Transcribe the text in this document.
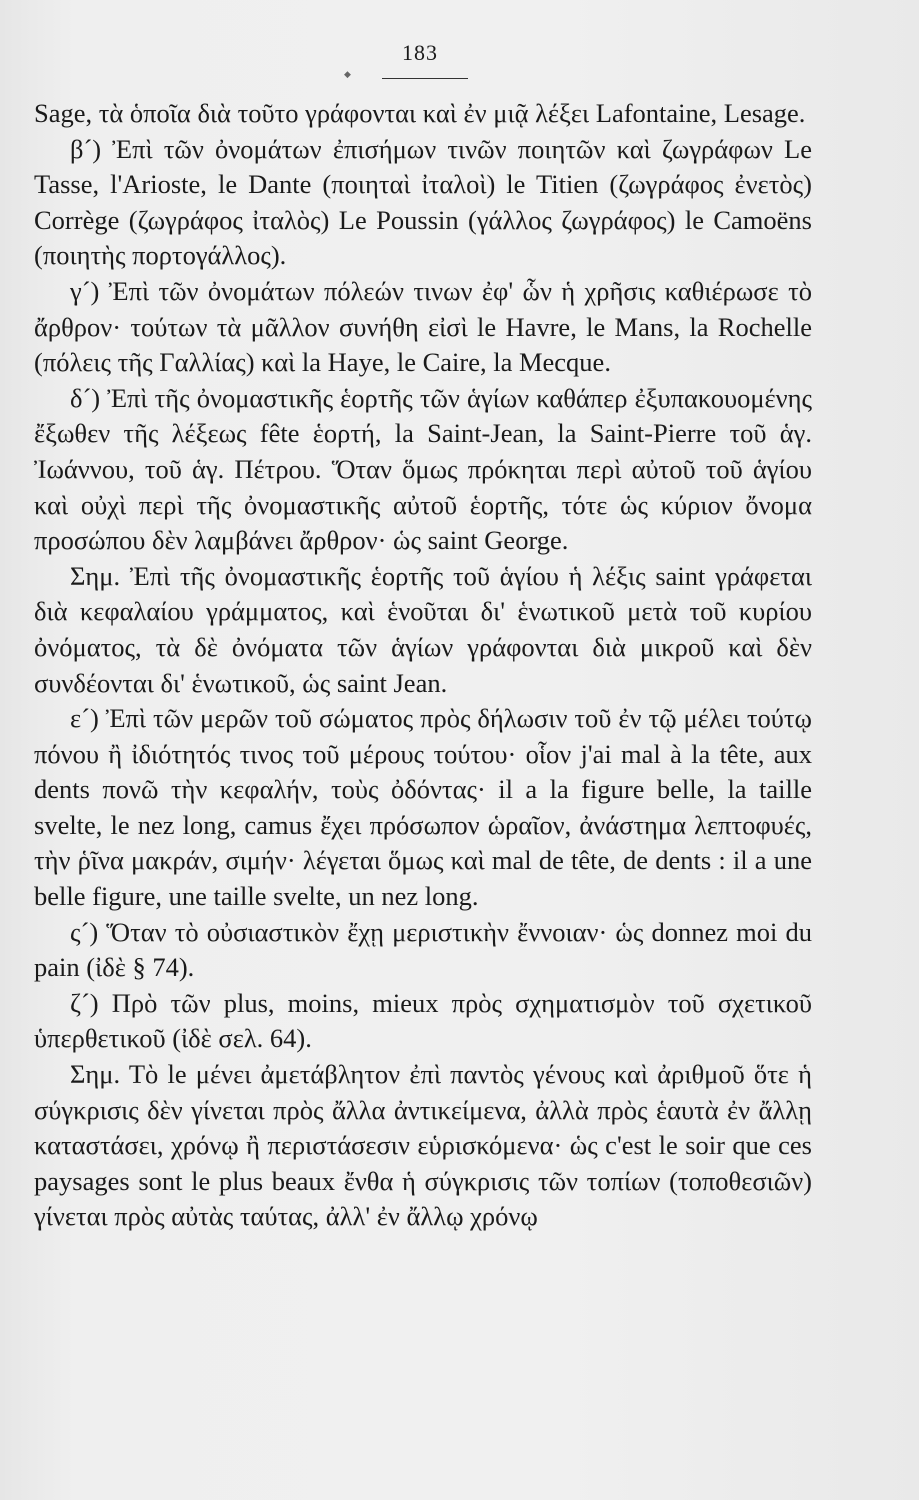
◆
183

Sage, τὰ ὁποῖα διὰ τοῦτο γράφονται καὶ ἐν μιᾷ λέξει Lafontaine, Lesage.

β´) Ἐπὶ τῶν ὀνομάτων ἐπισήμων τινῶν ποιητῶν καὶ ζωγράφων Le Tasse, l'Arioste, le Dante (ποιηταὶ ἰταλοὶ) le Titien (ζωγράφος ἐνετὸς) Corrège (ζωγράφος ἰταλὸς) Le Poussin (γάλλος ζωγράφος) le Camoëns (ποιητὴς πορτογάλλος).

γ´) Ἐπὶ τῶν ὀνομάτων πόλεών τινων ἐφ' ὧν ἡ χρῆσις καθιέρωσε τὸ ἄρθρον· τούτων τὰ μᾶλλον συνήθη εἰσὶ le Havre, le Mans, la Rochelle (πόλεις τῆς Γαλλίας) καὶ la Haye, le Caire, la Mecque.

δ´) Ἐπὶ τῆς ὀνομαστικῆς ἑορτῆς τῶν ἁγίων καθάπερ ἐξυπακουομένης ἔξωθεν τῆς λέξεως fête ἑορτή, la Saint-Jean, la Saint-Pierre τοῦ ἁγ. Ἰωάννου, τοῦ ἁγ. Πέτρου. Ὅταν ὅμως πρόκηται περὶ αὐτοῦ τοῦ ἁγίου καὶ οὐχὶ περὶ τῆς ὀνομαστικῆς αὐτοῦ ἑορτῆς, τότε ὡς κύριον ὄνομα προσώπου δὲν λαμβάνει ἄρθρον· ὡς saint George.

Σημ. Ἐπὶ τῆς ὀνομαστικῆς ἑορτῆς τοῦ ἁγίου ἡ λέξις saint γράφεται διὰ κεφαλαίου γράμματος, καὶ ἑνοῦται δι' ἑνωτικοῦ μετὰ τοῦ κυρίου ὀνόματος, τὰ δὲ ὀνόματα τῶν ἁγίων γράφονται διὰ μικροῦ καὶ δὲν συνδέονται δι' ἑνωτικοῦ, ὡς saint Jean.

ε´) Ἐπὶ τῶν μερῶν τοῦ σώματος πρὸς δήλωσιν τοῦ ἐν τῷ μέλει τούτῳ πόνου ἢ ἰδιότητός τινος τοῦ μέρους τούτου· οἷον j'ai mal à la tête, aux dents πονῶ τὴν κεφαλήν, τοὺς ὀδόντας· il a la figure belle, la taille svelte, le nez long, camus ἔχει πρόσωπον ὡραῖον, ἀνάστημα λεπτοφυές, τὴν ῥῖνα μακράν, σιμήν· λέγεται ὅμως καὶ mal de tête, de dents : il a une belle figure, une taille svelte, un nez long.

ς´) Ὅταν τὸ οὐσιαστικὸν ἔχῃ μεριστικὴν ἔννοιαν· ὡς donnez moi du pain (ἰδὲ § 74).

ζ´) Πρὸ τῶν plus, moins, mieux πρὸς σχηματισμὸν τοῦ σχετικοῦ ὑπερθετικοῦ (ἰδὲ σελ. 64).

Σημ. Τὸ le μένει ἀμετάβλητον ἐπὶ παντὸς γένους καὶ ἀριθμοῦ ὅτε ἡ σύγκρισις δὲν γίνεται πρὸς ἄλλα ἀντικείμενα, ἀλλὰ πρὸς ἑαυτὰ ἐν ἄλλῃ καταστάσει, χρόνῳ ἢ περιστάσεσιν εὑρισκόμενα· ὡς c'est le soir que ces paysages sont le plus beaux ἔνθα ἡ σύγκρισις τῶν τοπίων (τοποθεσιῶν) γίνεται πρὸς αὐτὰς ταύτας, ἀλλ' ἐν ἄλλῳ χρόνῳ
